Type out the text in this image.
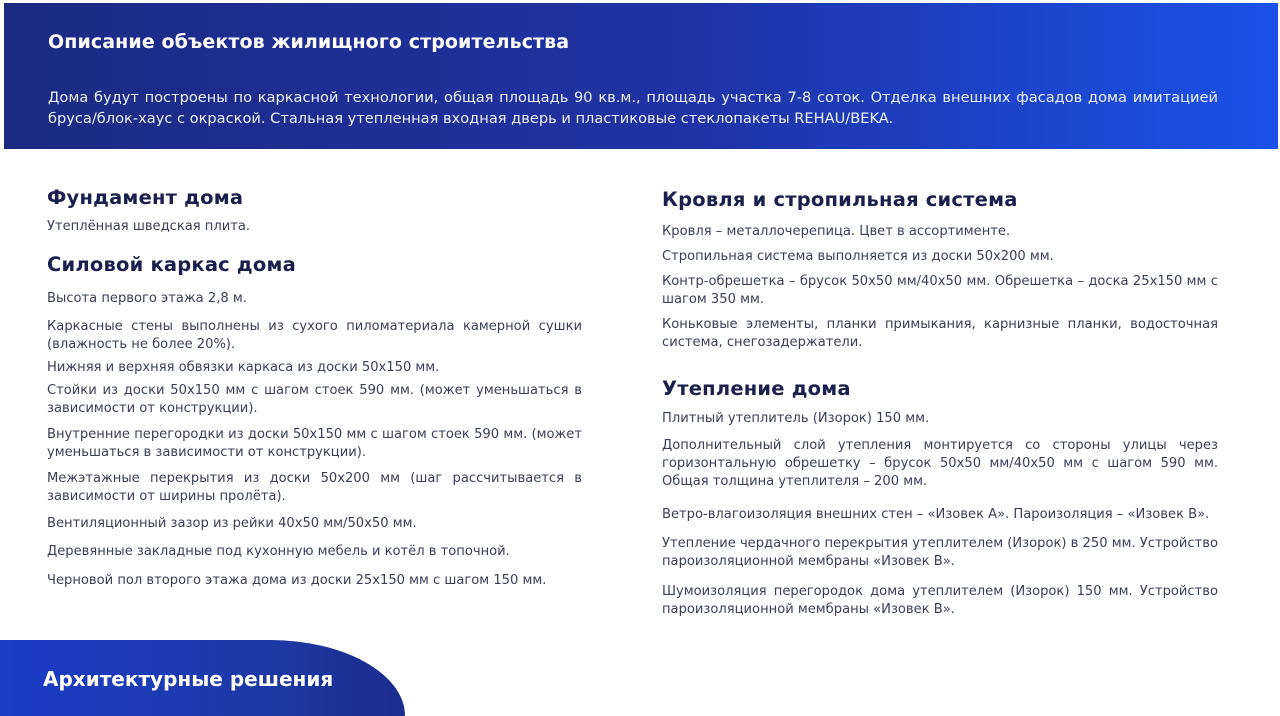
Описание объектов жилищного строительства
Дома будут построены по каркасной технологии, общая площадь 90 кв.м., площадь участка 7-8 соток. Отделка внешних фасадов дома имитацией бруса/блок-хаус с окраской. Стальная утепленная входная дверь и пластиковые стеклопакеты REHAU/BEKA.
Фундамент дома
Утеплённая шведская плита.
Силовой каркас дома
Высота первого этажа 2,8 м.
Каркасные стены выполнены из сухого пиломатериала камерной сушки (влажность не более 20%).
Нижняя и верхняя обвязки каркаса из доски 50х150 мм.
Стойки из доски 50х150 мм с шагом стоек 590 мм. (может уменьшаться в зависимости от конструкции).
Внутренние перегородки из доски 50х150 мм с шагом стоек 590 мм. (может уменьшаться в зависимости от конструкции).
Межэтажные перекрытия из доски 50х200 мм (шаг рассчитывается в зависимости от ширины пролёта).
Вентиляционный зазор из рейки 40х50 мм/50х50 мм.
Деревянные закладные под кухонную мебель и котёл в топочной.
Черновой пол второго этажа дома из доски 25х150 мм с шагом 150 мм.
Кровля и стропильная система
Кровля – металлочерепица. Цвет в ассортименте.
Стропильная система выполняется из доски 50х200 мм.
Контр-обрешетка – брусок 50х50 мм/40х50 мм. Обрешетка – доска 25х150 мм с шагом 350 мм.
Коньковые элементы, планки примыкания, карнизные планки, водосточная система, снегозадержатели.
Утепление дома
Плитный утеплитель (Изорок) 150 мм.
Дополнительный слой утепления монтируется со стороны улицы через горизонтальную обрешетку – брусок 50х50 мм/40х50 мм с шагом 590 мм. Общая толщина утеплителя – 200 мм.
Ветро-влагоизоляция внешних стен – «Изовек А». Пароизоляция – «Изовек В».
Утепление чердачного перекрытия утеплителем (Изорок) в 250 мм. Устройство пароизоляционной мембраны «Изовек В».
Шумоизоляция перегородок дома утеплителем (Изорок) 150 мм. Устройство пароизоляционной мембраны «Изовек В».
Архитектурные решения
